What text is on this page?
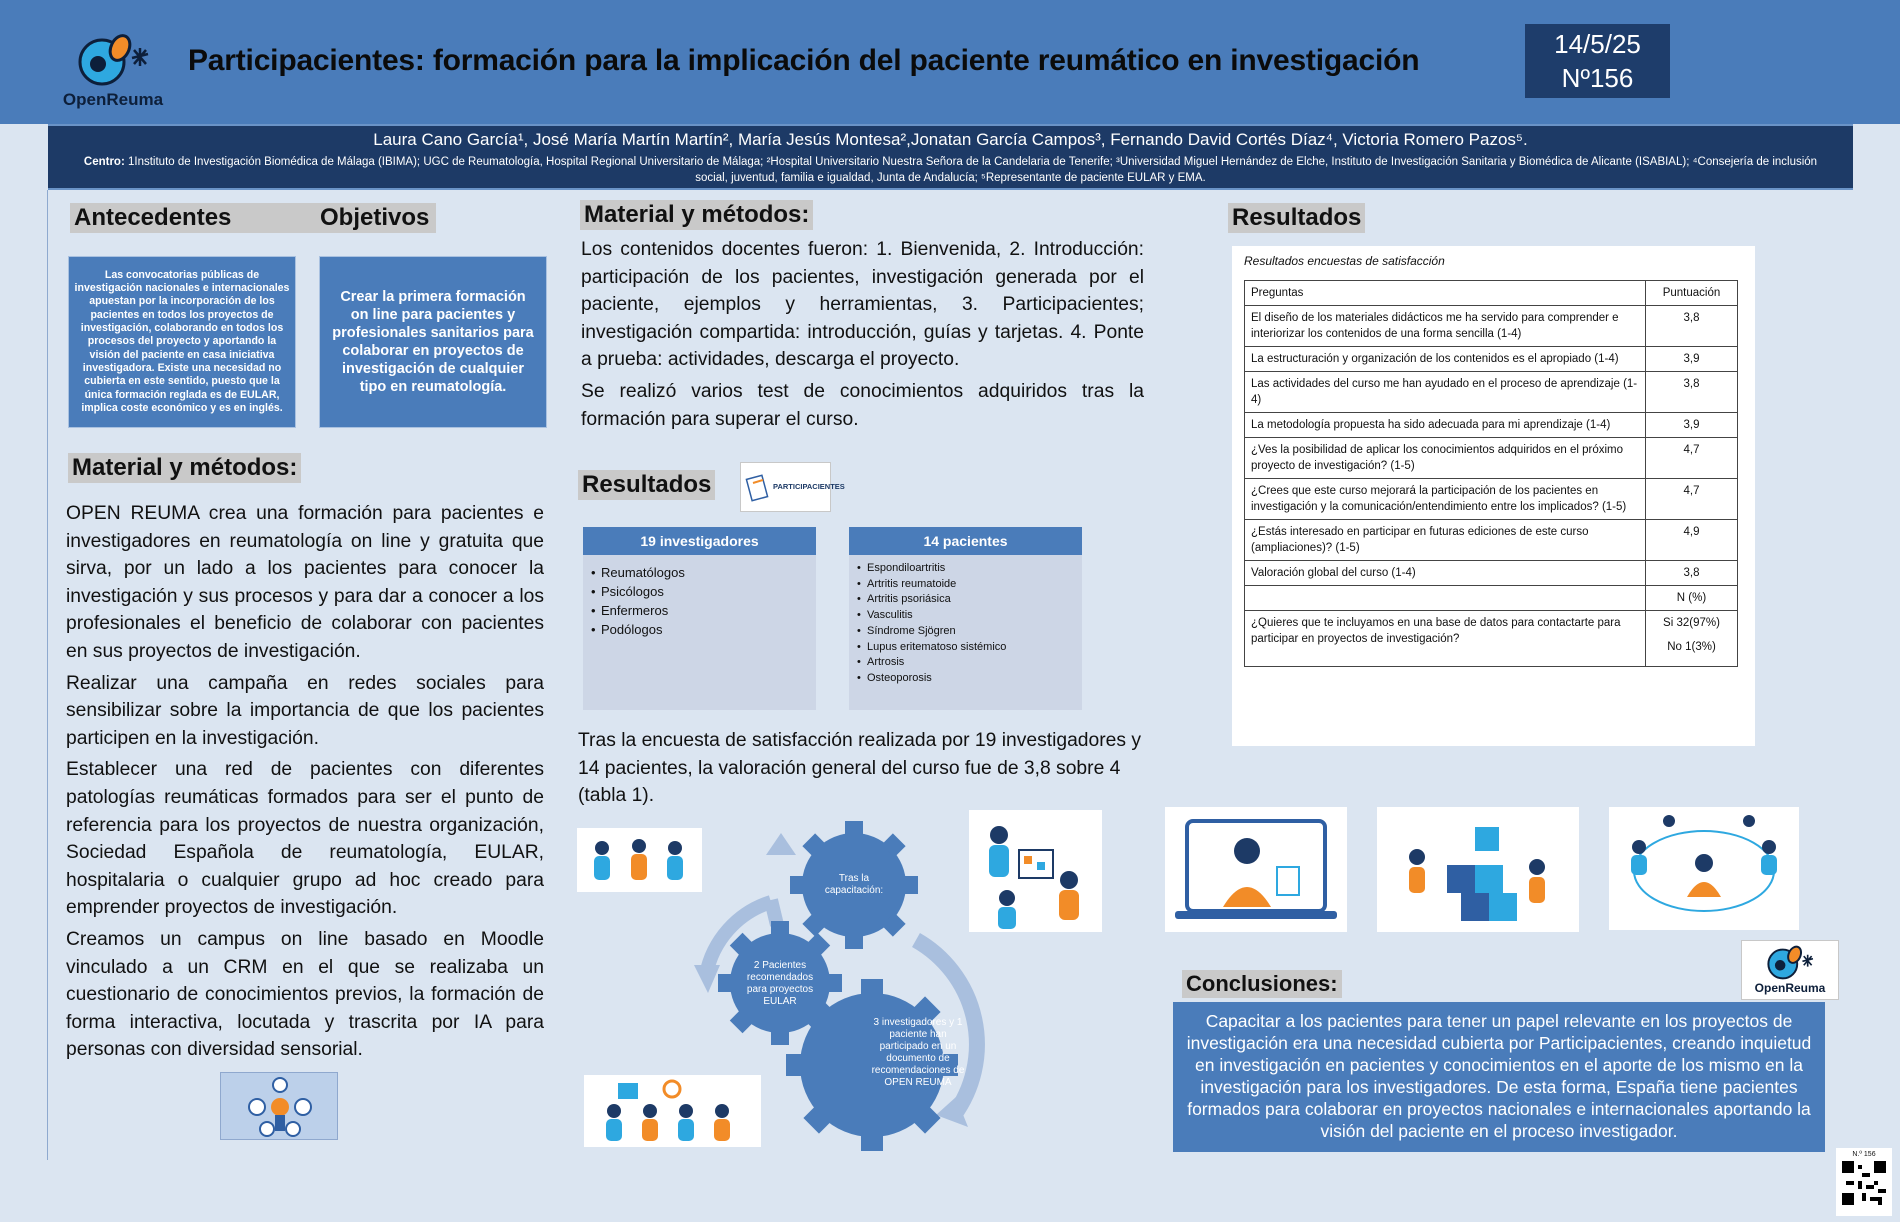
OpenReuma
Participacientes: formación para la implicación del paciente reumático en investigación	14/5/25
Nº156
Laura Cano García¹, José María Martín Martín², María Jesús Montesa²,Jonatan García Campos³, Fernando David Cortés Díaz⁴, Victoria Romero Pazos⁵.
Centro: 1Instituto de Investigación Biomédica de Málaga (IBIMA); UGC de Reumatología, Hospital Regional Universitario de Málaga; ²Hospital Universitario Nuestra Señora de la Candelaria de Tenerife; ³Universidad Miguel Hernández de Elche, Instituto de Investigación Sanitaria y Biomédica de Alicante (ISABIAL); ⁴Consejería de inclusión social, juventud, familia e igualdad, Junta de Andalucía; ⁵Representante de paciente EULAR y EMA.
Antecedentes	Objetivos
Las convocatorias públicas de investigación nacionales e internacionales apuestan por la incorporación de los pacientes en todos los proyectos de investigación, colaborando en todos los procesos del proyecto y aportando la visión del paciente en casa iniciativa investigadora. Existe una necesidad no cubierta en este sentido, puesto que la única formación reglada es de EULAR, implica coste económico y es en inglés.
Crear la primera formación on line para pacientes y profesionales sanitarios para colaborar en proyectos de investigación de cualquier tipo en reumatología.
Material y métodos:

OPEN REUMA crea una formación para pacientes e investigadores en reumatología on line y gratuita que sirva, por un lado a los pacientes para conocer la investigación y sus procesos y para dar a conocer a los profesionales el beneficio de colaborar con pacientes en sus proyectos de investigación.

Realizar una campaña en redes sociales para sensibilizar sobre la importancia de que los pacientes participen en la investigación.

Establecer una red de pacientes con diferentes patologías reumáticas formados para ser el punto de referencia para los proyectos de nuestra organización, Sociedad Española de reumatología, EULAR, hospitalaria o cualquier grupo ad hoc creado para emprender proyectos de investigación.

Creamos un campus on line basado en Moodle vinculado a un CRM en el que se realizaba un cuestionario de conocimientos previos, la formación de forma interactiva, locutada y trascrita por IA para personas con diversidad sensorial.

Material y métodos:

Los contenidos docentes fueron: 1. Bienvenida, 2. Introducción: participación de los pacientes, investigación generada por el paciente, ejemplos y herramientas, 3. Participacientes; investigación compartida: introducción, guías y tarjetas. 4. Ponte a prueba: actividades, descarga el proyecto.

Se realizó varios test de conocimientos adquiridos tras la formación para superar el curso.

Resultados	PARTICIPACIENTES
19 investigadores
• Reumatólogos
• Psicólogos
• Enfermeros
• Podólogos
14 pacientes
• Espondiloartritis
• Artritis reumatoide
• Artritis psoriásica
• Vasculitis
• Síndrome Sjögren
• Lupus eritematoso sistémico
• Artrosis
• Osteoporosis
Tras la encuesta de satisfacción realizada por 19 investigadores y 14 pacientes, la valoración general del curso fue de 3,8 sobre 4 (tabla 1).
Tras la capacitación:
2 Pacientes recomendados para proyectos EULAR
3 investigadores y 1 paciente han participado en un documento de recomendaciones de OPEN REUMA
Resultados
Resultados encuestas de satisfacción
Preguntas	Puntuación
El diseño de los materiales didácticos me ha servido para comprender e interiorizar los contenidos de una forma sencilla (1-4)	3,8
La estructuración y organización de los contenidos es el apropiado (1-4)	3,9
Las actividades del curso me han ayudado en el proceso de aprendizaje (1-4)	3,8
La metodología propuesta ha sido adecuada para mi aprendizaje (1-4)	3,9
¿Ves la posibilidad de aplicar los conocimientos adquiridos en el próximo proyecto de investigación? (1-5)	4,7
¿Crees que este curso mejorará la participación de los pacientes en investigación y la comunicación/entendimiento entre los implicados? (1-5)	4,7
¿Estás interesado en participar en futuras ediciones de este curso (ampliaciones)? (1-5)	4,9
Valoración global del curso (1-4)	3,8
	N (%)
¿Quieres que te incluyamos en una base de datos para contactarte para participar en proyectos de investigación?	Si 32(97%)
No 1(3%)
OpenReuma
Conclusiones:
Capacitar a los pacientes para tener un papel relevante en los proyectos de investigación era una necesidad cubierta por Participacientes, creando inquietud en investigación en pacientes y conocimientos en el aporte de los mismo en la investigación para los investigadores. De esta forma, España tiene pacientes formados para colaborar en proyectos nacionales e internacionales aportando la visión del paciente en el proceso investigador.
N.º 156
